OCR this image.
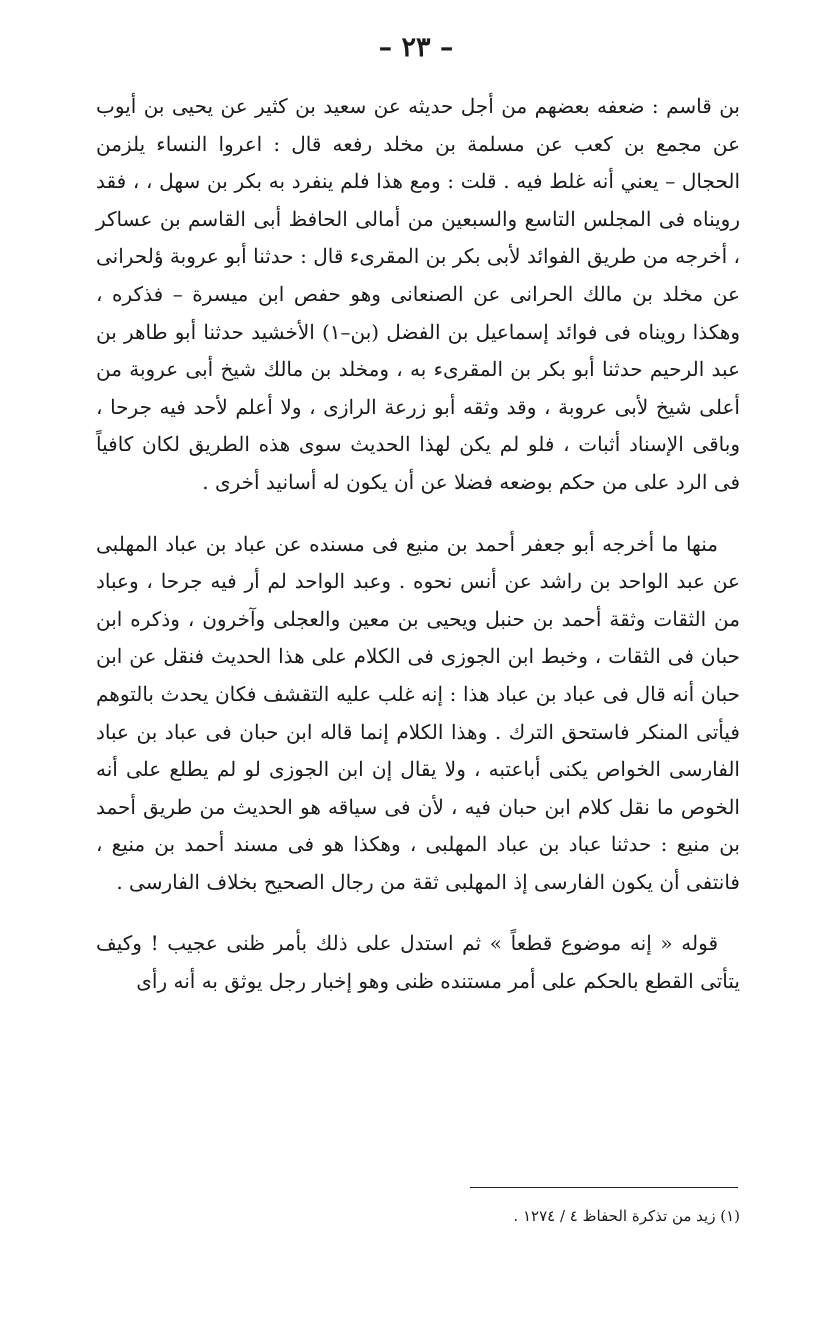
– ٢٣ –

بن قاسم : ضعفه بعضهم من أجل حديثه عن سعيد بن كثير عن يحيى بن أيوب عن مجمع بن كعب عن مسلمة بن مخلد رفعه قال : اعروا النساء يلزمن الحجال – يعني أنه غلط فيه . قلت : ومع هذا فلم ينفرد به بكر بن سهل ، ، فقد رويناه فى المجلس التاسع والسبعين من أمالى الحافظ أبى القاسم بن عساكر ، أخرجه من طريق الفوائد لأبى بكر بن المقرىء قال : حدثنا أبو عروبة ؤلحرانى عن مخلد بن مالك الحرانى عن الصنعانى وهو حفص ابن ميسرة – فذكره ، وهكذا رويناه فى فوائد إسماعيل بن الفضل (بن–١) الأخشيد حدثنا أبو طاهر بن عبد الرحيم حدثنا أبو بكر بن المقرىء به ، ومخلد بن مالك شيخ أبى عروبة من أعلى شيخ لأبى عروبة ، وقد وثقه أبو زرعة الرازى ، ولا أعلم لأحد فيه جرحا ، وباقى الإسناد أثبات ، فلو لم يكن لهذا الحديث سوى هذه الطريق لكان كافياً فى الرد على من حكم بوضعه فضلا عن أن يكون له أسانيد أخرى .

منها ما أخرجه أبو جعفر أحمد بن منيع فى مسنده عن عباد بن عباد المهلبى عن عبد الواحد بن راشد عن أنس نحوه . وعبد الواحد لم أر فيه جرحا ، وعباد من الثقات وثقة أحمد بن حنبل ويحيى بن معين والعجلى وآخرون ، وذكره ابن حبان فى الثقات ، وخبط ابن الجوزى فى الكلام على هذا الحديث فنقل عن ابن حبان أنه قال فى عباد بن عباد هذا : إنه غلب عليه التقشف فكان يحدث بالتوهم فيأتى المنكر فاستحق الترك . وهذا الكلام إنما قاله ابن حبان فى عباد بن عباد الفارسى الخواص يكنى أباعتبه ، ولا يقال إن ابن الجوزى لو لم يطلع على أنه الخوص ما نقل كلام ابن حبان فيه ، لأن فى سياقه هو الحديث من طريق أحمد بن منيع : حدثنا عباد بن عباد المهلبى ، وهكذا هو فى مسند أحمد بن منيع ، فانتفى أن يكون الفارسى إذ المهلبى ثقة من رجال الصحيح بخلاف الفارسى .

قوله « إنه موضوع قطعاً » ثم استدل على ذلك بأمر ظنى عجيب ! وكيف يتأتى القطع بالحكم على أمر مستنده ظنى وهو إخبار رجل يوثق به أنه رأى

(١) زيد من تذكرة الحفاظ ٤ / ١٢٧٤ .
